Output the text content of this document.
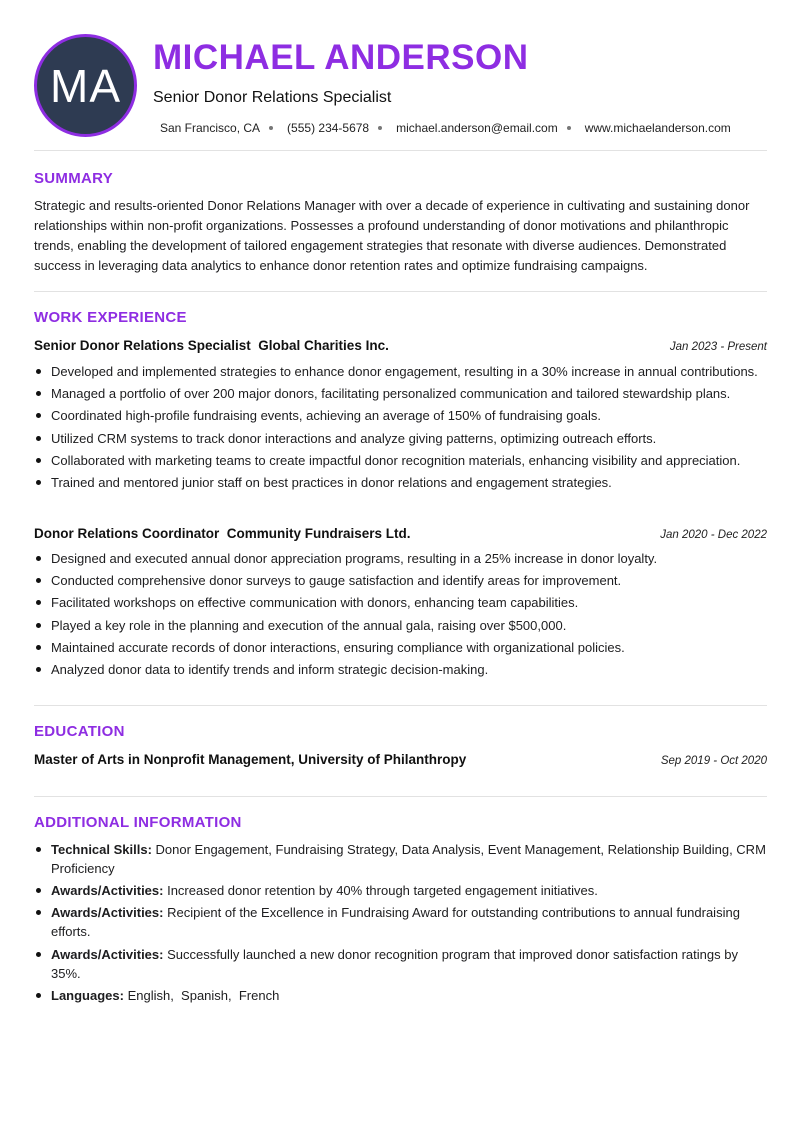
MA
MICHAEL ANDERSON
Senior Donor Relations Specialist
San Francisco, CA (555) 234-5678 michael.anderson@email.com www.michaelanderson.com
SUMMARY

Strategic and results-oriented Donor Relations Manager with over a decade of experience in cultivating and sustaining donor relationships within non-profit organizations. Possesses a profound understanding of donor motivations and philanthropic trends, enabling the development of tailored engagement strategies that resonate with diverse audiences. Demonstrated success in leveraging data analytics to enhance donor retention rates and optimize fundraising campaigns.

WORK EXPERIENCE
Senior Donor Relations Specialist  Global Charities Inc.	Jan 2023 - Present
Developed and implemented strategies to enhance donor engagement, resulting in a 30% increase in annual contributions.
Managed a portfolio of over 200 major donors, facilitating personalized communication and tailored stewardship plans.
Coordinated high-profile fundraising events, achieving an average of 150% of fundraising goals.
Utilized CRM systems to track donor interactions and analyze giving patterns, optimizing outreach efforts.
Collaborated with marketing teams to create impactful donor recognition materials, enhancing visibility and appreciation.
Trained and mentored junior staff on best practices in donor relations and engagement strategies.
Donor Relations Coordinator  Community Fundraisers Ltd.	Jan 2020 - Dec 2022
Designed and executed annual donor appreciation programs, resulting in a 25% increase in donor loyalty.
Conducted comprehensive donor surveys to gauge satisfaction and identify areas for improvement.
Facilitated workshops on effective communication with donors, enhancing team capabilities.
Played a key role in the planning and execution of the annual gala, raising over $500,000.
Maintained accurate records of donor interactions, ensuring compliance with organizational policies.
Analyzed donor data to identify trends and inform strategic decision-making.
EDUCATION
Master of Arts in Nonprofit Management, University of Philanthropy	Sep 2019 - Oct 2020
ADDITIONAL INFORMATION
Technical Skills: Donor Engagement, Fundraising Strategy, Data Analysis, Event Management, Relationship Building, CRM Proficiency
Awards/Activities: Increased donor retention by 40% through targeted engagement initiatives.
Awards/Activities: Recipient of the Excellence in Fundraising Award for outstanding contributions to annual fundraising efforts.
Awards/Activities: Successfully launched a new donor recognition program that improved donor satisfaction ratings by 35%.
Languages: English,  Spanish,  French
